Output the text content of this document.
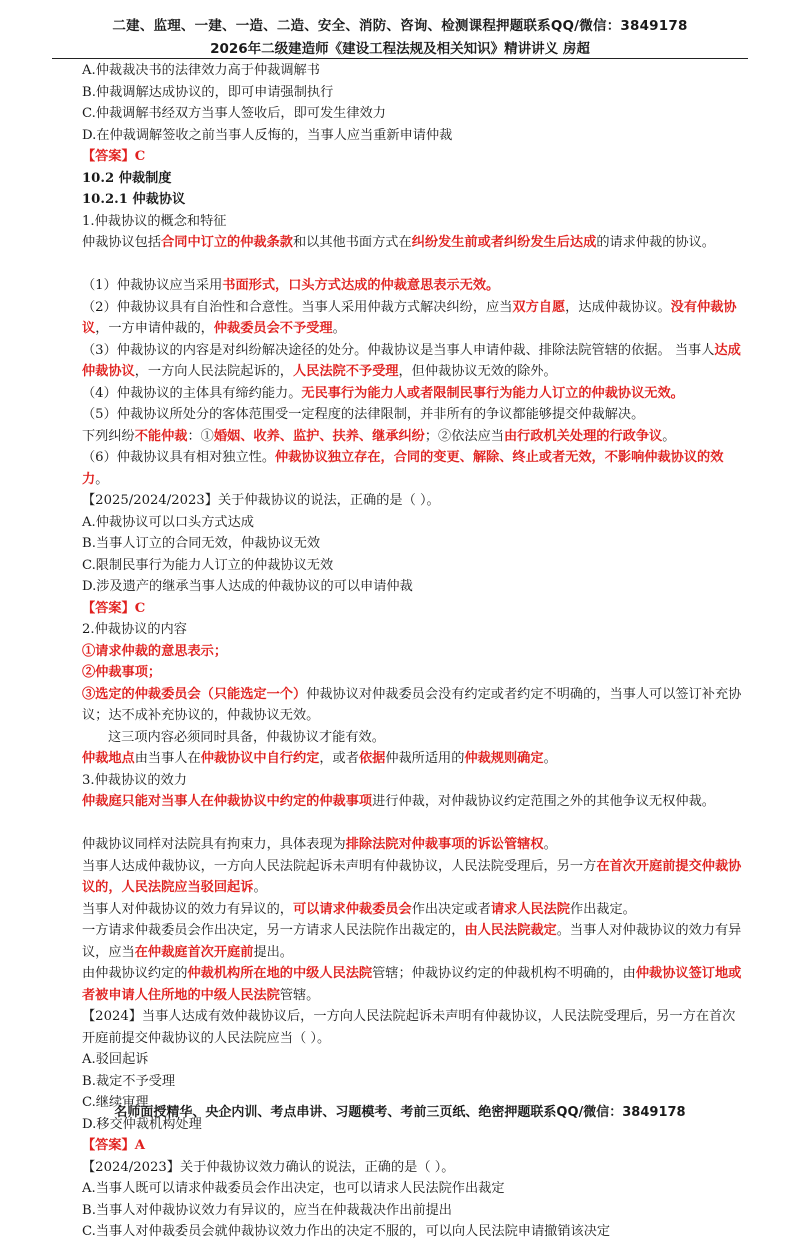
二建、监理、一建、一造、二造、安全、消防、咨询、检测课程押题联系QQ/微信：3849178
2026年二级建造师《建设工程法规及相关知识》精讲讲义 房超

A.仲裁裁决书的法律效力高于仲裁调解书

B.仲裁调解达成协议的，即可申请强制执行

C.仲裁调解书经双方当事人签收后，即可发生律效力

D.在仲裁调解签收之前当事人反悔的，当事人应当重新申请仲裁

【答案】C

10.2 仲裁制度

10.2.1 仲裁协议

1.仲裁协议的概念和特征

仲裁协议包括合同中订立的仲裁条款和以其他书面方式在纠纷发生前或者纠纷发生后达成的请求仲裁的协议。

（1）仲裁协议应当采用书面形式，口头方式达成的仲裁意思表示无效。

（2）仲裁协议具有自治性和合意性。当事人采用仲裁方式解决纠纷，应当双方自愿，达成仲裁协议。没有仲裁协议，一方申请仲裁的，仲裁委员会不予受理。

（3）仲裁协议的内容是对纠纷解决途径的处分。仲裁协议是当事人申请仲裁、排除法院管辖的依据。 当事人达成仲裁协议，一方向人民法院起诉的，人民法院不予受理，但仲裁协议无效的除外。

（4）仲裁协议的主体具有缔约能力。无民事行为能力人或者限制民事行为能力人订立的仲裁协议无效。

（5）仲裁协议所处分的客体范围受一定程度的法律限制，并非所有的争议都能够提交仲裁解决。

下列纠纷不能仲裁：①婚姻、收养、监护、扶养、继承纠纷；②依法应当由行政机关处理的行政争议。

（6）仲裁协议具有相对独立性。仲裁协议独立存在，合同的变更、解除、终止或者无效，不影响仲裁协议的效力。

【2025/2024/2023】关于仲裁协议的说法，正确的是（ ）。

A.仲裁协议可以口头方式达成

B.当事人订立的合同无效，仲裁协议无效

C.限制民事行为能力人订立的仲裁协议无效

D.涉及遗产的继承当事人达成的仲裁协议的可以申请仲裁

【答案】C

2.仲裁协议的内容

①请求仲裁的意思表示；

②仲裁事项；

③选定的仲裁委员会（只能选定一个）仲裁协议对仲裁委员会没有约定或者约定不明确的，当事人可以签订补充协议；达不成补充协议的，仲裁协议无效。

这三项内容必须同时具备，仲裁协议才能有效。

仲裁地点由当事人在仲裁协议中自行约定，或者依据仲裁所适用的仲裁规则确定。

3.仲裁协议的效力

仲裁庭只能对当事人在仲裁协议中约定的仲裁事项进行仲裁，对仲裁协议约定范围之外的其他争议无权仲裁。

仲裁协议同样对法院具有拘束力，具体表现为排除法院对仲裁事项的诉讼管辖权。

当事人达成仲裁协议，一方向人民法院起诉未声明有仲裁协议，人民法院受理后，另一方在首次开庭前提交仲裁协议的，人民法院应当驳回起诉。

当事人对仲裁协议的效力有异议的，可以请求仲裁委员会作出决定或者请求人民法院作出裁定。

一方请求仲裁委员会作出决定，另一方请求人民法院作出裁定的，由人民法院裁定。当事人对仲裁协议的效力有异议，应当在仲裁庭首次开庭前提出。

由仲裁协议约定的仲裁机构所在地的中级人民法院管辖；仲裁协议约定的仲裁机构不明确的，由仲裁协议签订地或者被申请人住所地的中级人民法院管辖。

【2024】当事人达成有效仲裁协议后，一方向人民法院起诉未声明有仲裁协议，人民法院受理后，另一方在首次开庭前提交仲裁协议的人民法院应当（ ）。

A.驳回起诉

B.裁定不予受理

C.继续审理

D.移交仲裁机构处理

【答案】A

【2024/2023】关于仲裁协议效力确认的说法，正确的是（ ）。

A.当事人既可以请求仲裁委员会作出决定，也可以请求人民法院作出裁定

B.当事人对仲裁协议效力有异议的，应当在仲裁裁决作出前提出

C.当事人对仲裁委员会就仲裁协议效力作出的决定不服的，可以向人民法院申请撤销该决定

名师面授精华、央企内训、考点串讲、习题模考、考前三页纸、绝密押题联系QQ/微信：3849178
